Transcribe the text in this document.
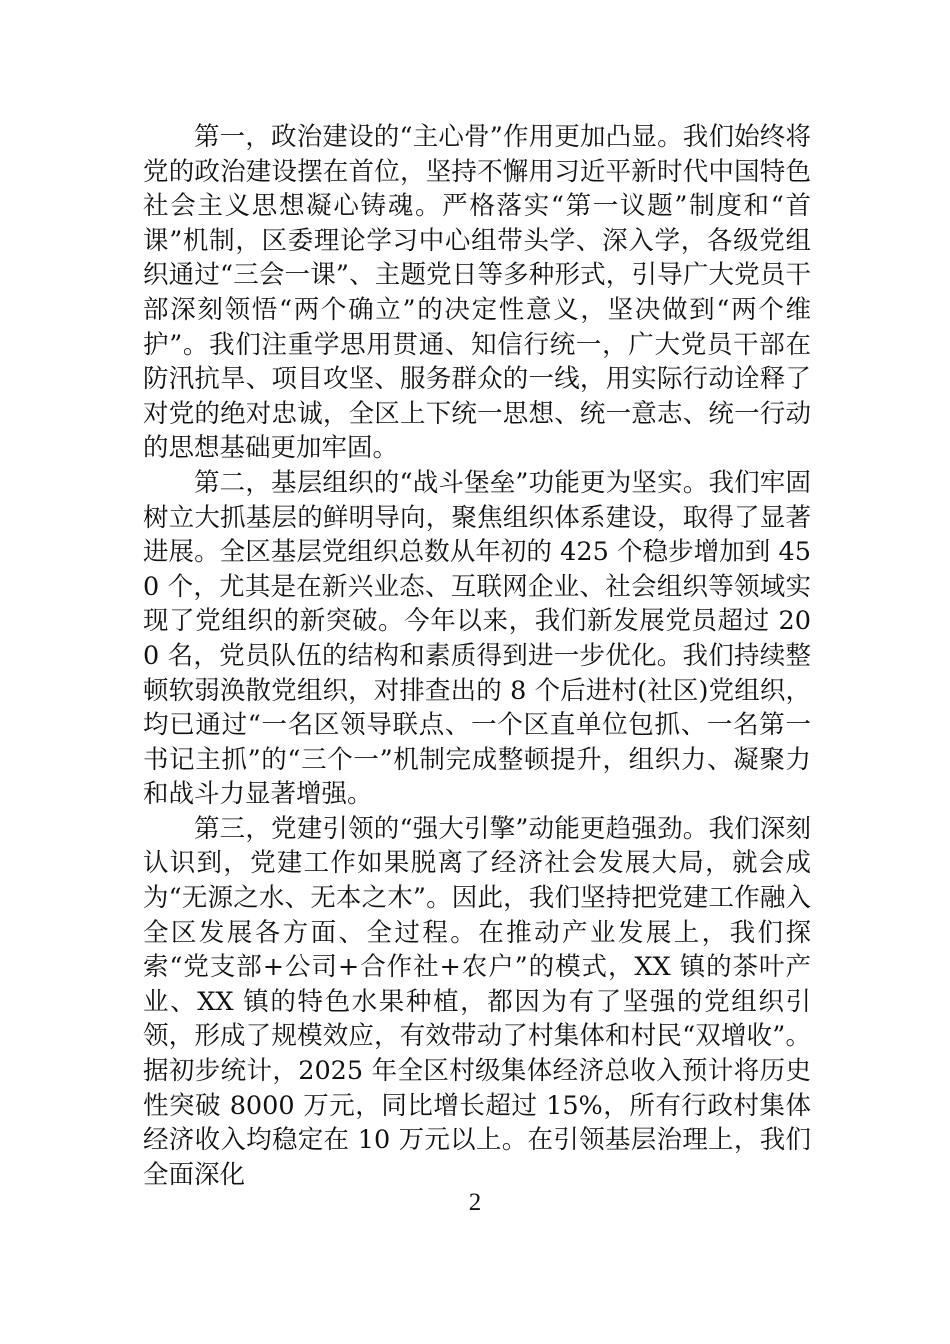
第一，政治建设的“主心骨”作用更加凸显。我们始终将党的政治建设摆在首位，坚持不懈用习近平新时代中国特色社会主义思想凝心铸魂。严格落实“第一议题”制度和“首课”机制，区委理论学习中心组带头学、深入学，各级党组织通过“三会一课”、主题党日等多种形式，引导广大党员干部深刻领悟“两个确立”的决定性意义，坚决做到“两个维护”。我们注重学思用贯通、知信行统一，广大党员干部在防汛抗旱、项目攻坚、服务群众的一线，用实际行动诠释了对党的绝对忠诚，全区上下统一思想、统一意志、统一行动的思想基础更加牢固。

第二，基层组织的“战斗堡垒”功能更为坚实。我们牢固树立大抓基层的鲜明导向，聚焦组织体系建设，取得了显著进展。全区基层党组织总数从年初的 425 个稳步增加到 450 个，尤其是在新兴业态、互联网企业、社会组织等领域实现了党组织的新突破。今年以来，我们新发展党员超过 200 名，党员队伍的结构和素质得到进一步优化。我们持续整顿软弱涣散党组织，对排查出的 8 个后进村(社区)党组织，均已通过“一名区领导联点、一个区直单位包抓、一名第一书记主抓”的“三个一”机制完成整顿提升，组织力、凝聚力和战斗力显著增强。

第三，党建引领的“强大引擎”动能更趋强劲。我们深刻认识到，党建工作如果脱离了经济社会发展大局，就会成为“无源之水、无本之木”。因此，我们坚持把党建工作融入全区发展各方面、全过程。在推动产业发展上，我们探索“党支部+公司+合作社+农户”的模式，XX 镇的茶叶产业、XX 镇的特色水果种植，都因为有了坚强的党组织引领，形成了规模效应，有效带动了村集体和村民“双增收”。据初步统计，2025 年全区村级集体经济总收入预计将历史性突破 8000 万元，同比增长超过 15%，所有行政村集体经济收入均稳定在 10 万元以上。在引领基层治理上，我们全面深化

2
